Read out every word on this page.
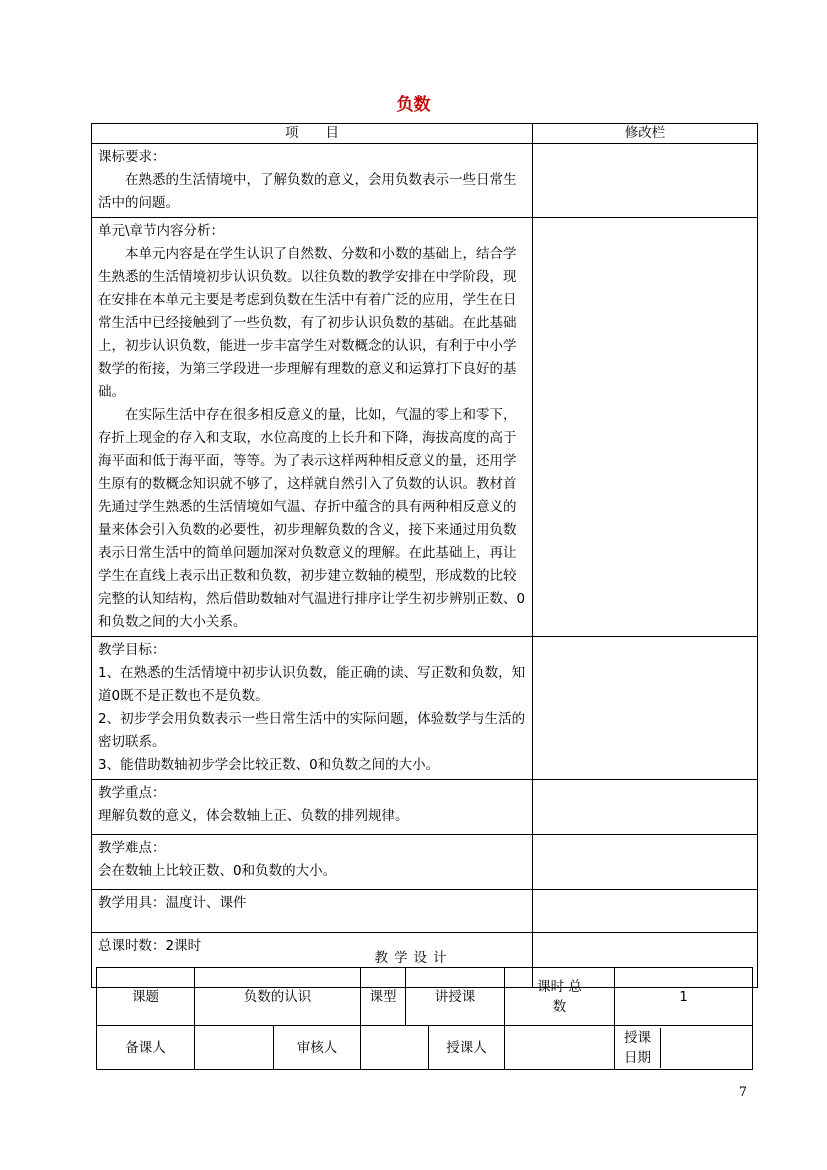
负数
项　　目	修改栏

课标要求：

在熟悉的生活情境中，了解负数的意义，会用负数表示一些日常生活中的问题。	

单元\章节内容分析：

本单元内容是在学生认识了自然数、分数和小数的基础上，结合学生熟悉的生活情境初步认识负数。以往负数的教学安排在中学阶段，现在安排在本单元主要是考虑到负数在生活中有着广泛的应用，学生在日常生活中已经接触到了一些负数，有了初步认识负数的基础。在此基础上，初步认识负数，能进一步丰富学生对数概念的认识，有利于中小学数学的衔接，为第三学段进一步理解有理数的意义和运算打下良好的基础。

在实际生活中存在很多相反意义的量，比如，气温的零上和零下，存折上现金的存入和支取，水位高度的上长升和下降，海拔高度的高于海平面和低于海平面，等等。为了表示这样两种相反意义的量，还用学生原有的数概念知识就不够了，这样就自然引入了负数的认识。教材首先通过学生熟悉的生活情境如气温、存折中蕴含的具有两种相反意义的量来体会引入负数的必要性，初步理解负数的含义，接下来通过用负数表示日常生活中的简单问题加深对负数意义的理解。在此基础上，再让学生在直线上表示出正数和负数，初步建立数轴的模型，形成数的比较完整的认知结构，然后借助数轴对气温进行排序让学生初步辨别正数、0和负数之间的大小关系。	

教学目标：
1、在熟悉的生活情境中初步认识负数，能正确的读、写正数和负数，知道0既不是正数也不是负数。
2、初步学会用负数表示一些日常生活中的实际问题，体验数学与生活的密切联系。
3、能借助数轴初步学会比较正数、0和负数之间的大小。	

教学重点：
理解负数的意义，体会数轴上正、负数的排列规律。	

教学难点：
会在数轴上比较正数、0和负数的大小。	

教学用具：温度计、课件	

总课时数：2课时	

教学设计
课题	负数的认识		课型	讲授课		课时 总
数	1
备课人		审核人			授课人		授课
日期
7
